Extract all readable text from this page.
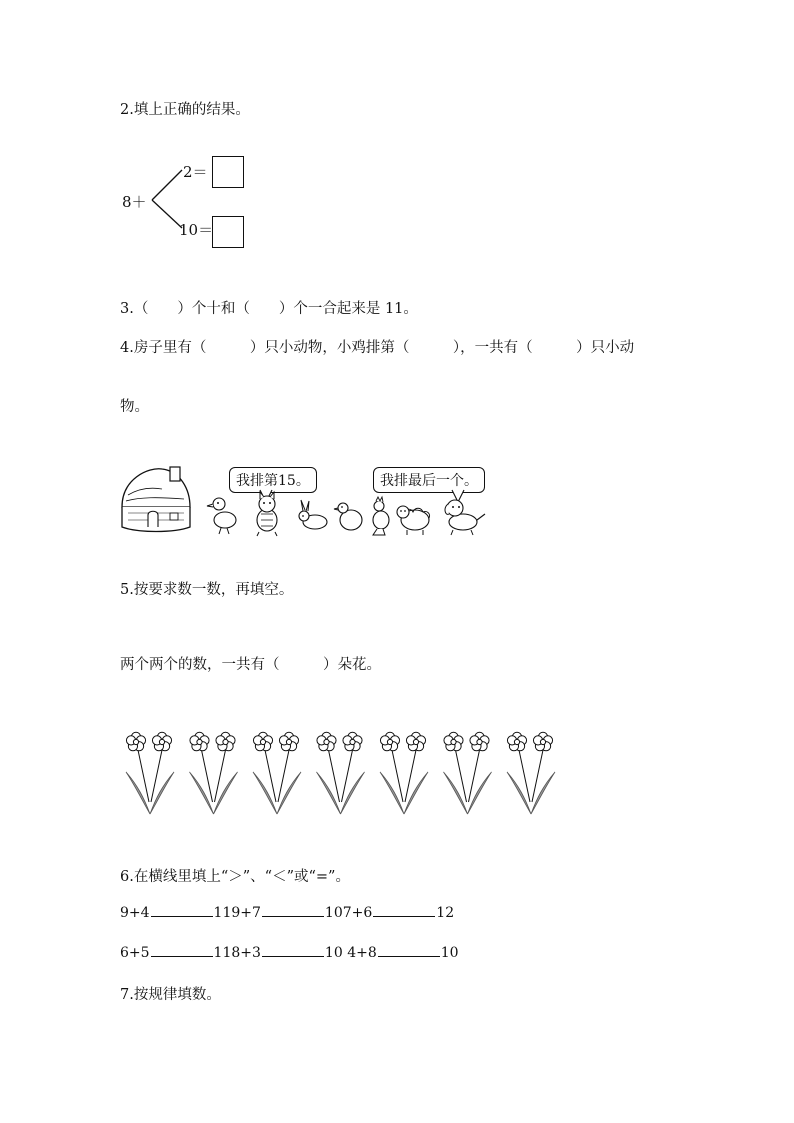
2.填上正确的结果。
8＋
2＝
10＝
3.（　　）个十和（　　）个一合起来是 11。
4.房子里有（　　　）只小动物，小鸡排第（　　　），一共有（　　　）只小动
物。
我排第15。	我排最后一个。
5.按要求数一数，再填空。
两个两个的数，一共有（　　　）朵花。
6.在横线里填上“＞”、“＜”或“=”。
9+4	119+7	107+6	12
6+5	118+3	10 4+8	10
7.按规律填数。
